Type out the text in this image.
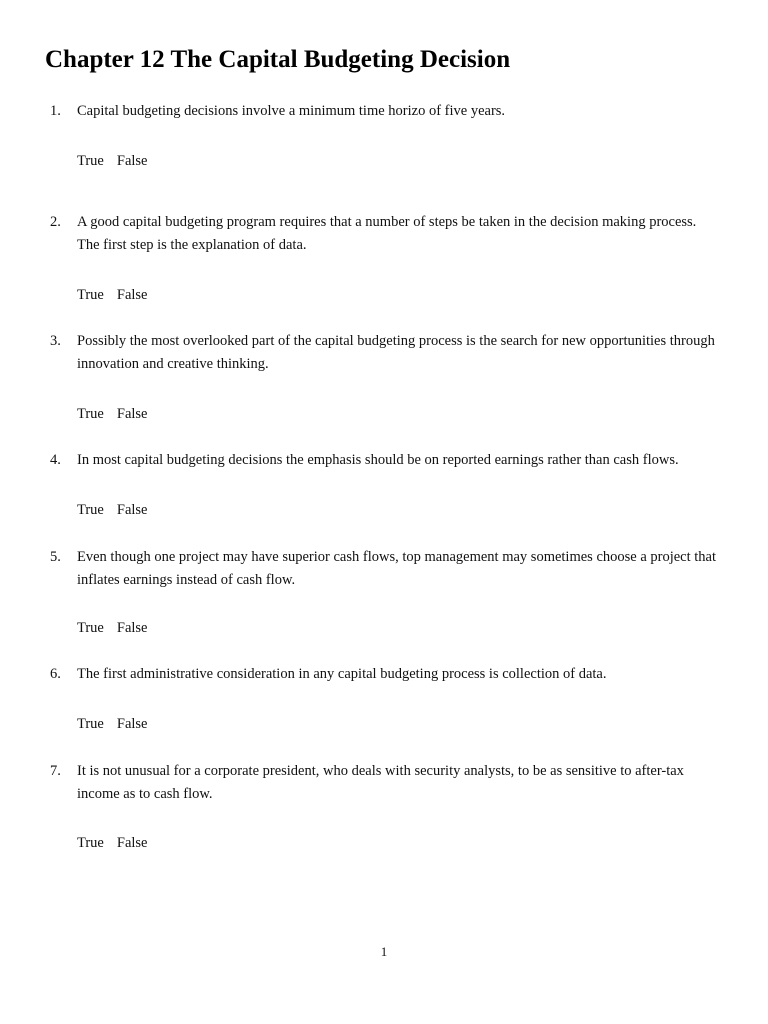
Chapter 12 The Capital Budgeting Decision
1. Capital budgeting decisions involve a minimum time horizo of five years.

True False
2. A good capital budgeting program requires that a number of steps be taken in the decision making process. The first step is the explanation of data.

True False
3. Possibly the most overlooked part of the capital budgeting process is the search for new opportunities through innovation and creative thinking.

True False
4. In most capital budgeting decisions the emphasis should be on reported earnings rather than cash flows.

True False
5. Even though one project may have superior cash flows, top management may sometimes choose a project that inflates earnings instead of cash flow.

True False
6. The first administrative consideration in any capital budgeting process is collection of data.

True False
7. It is not unusual for a corporate president, who deals with security analysts, to be as sensitive to after-tax income as to cash flow.

True False
1
